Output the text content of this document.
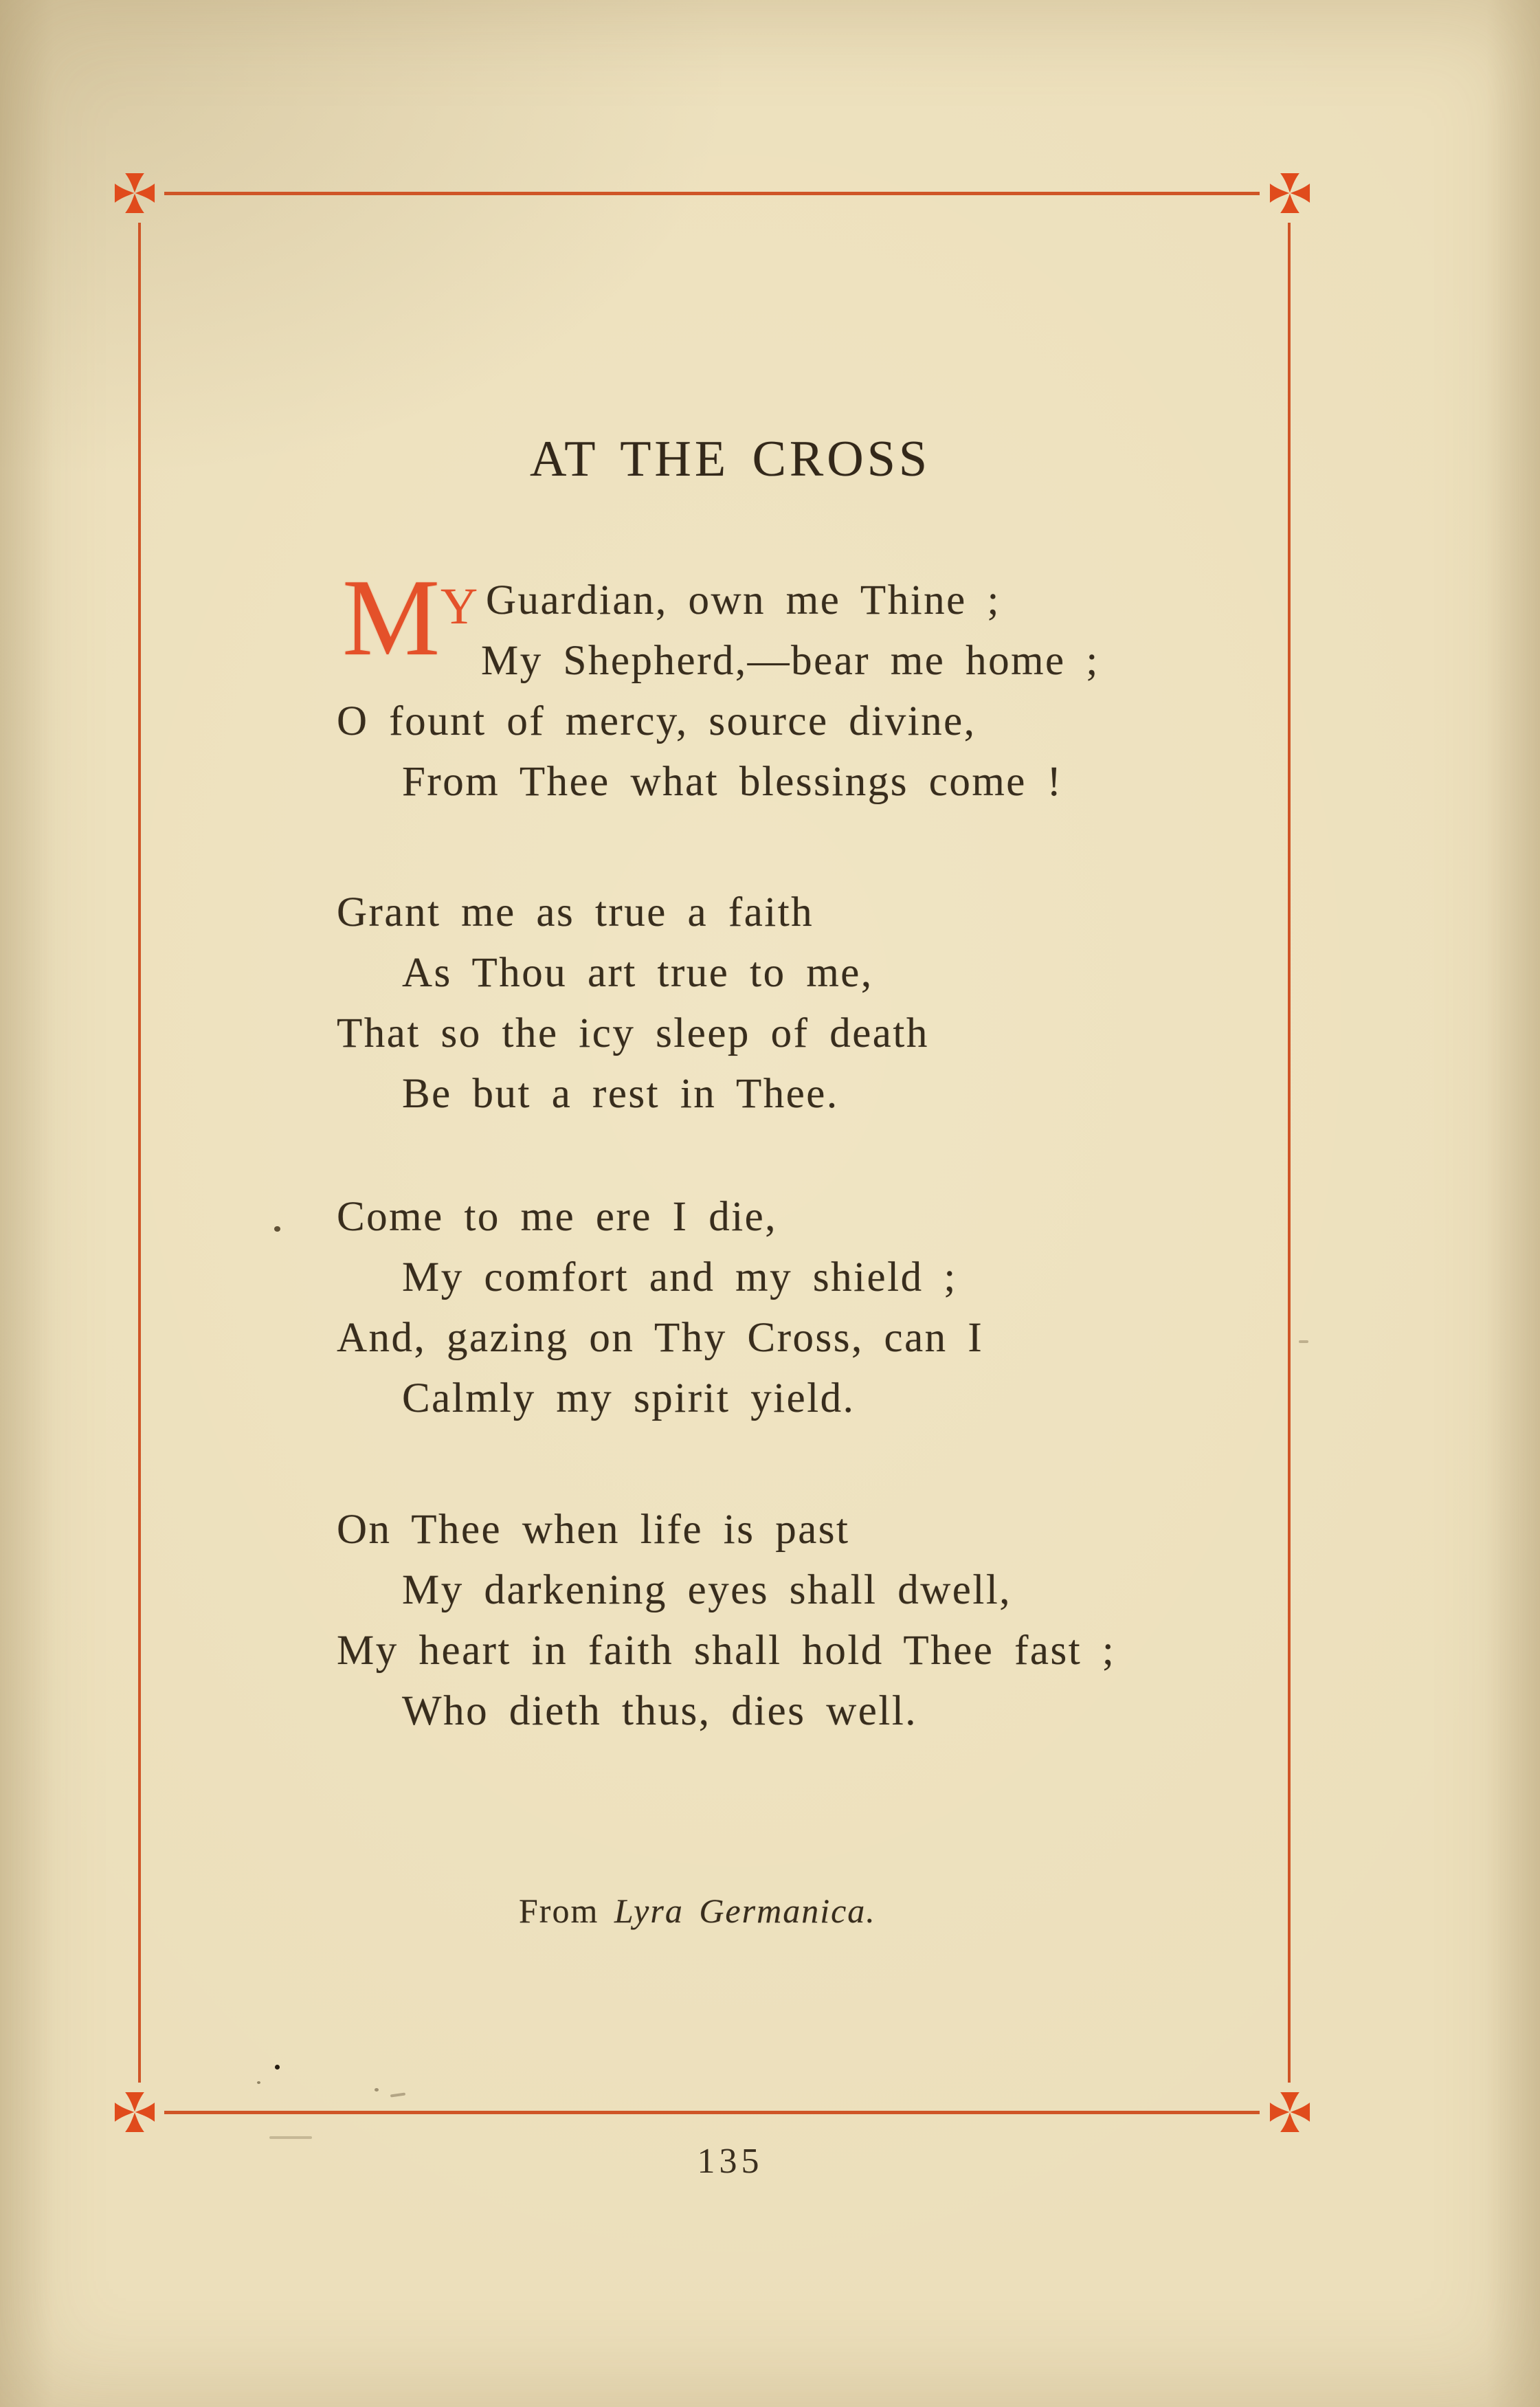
M Y
AT THE CROSS
Guardian, own me Thine ;
My Shepherd,—bear me home ;
O fount of mercy, source divine,
From Thee what blessings come !
Grant me as true a faith
As Thou art true to me,
That so the icy sleep of death
Be but a rest in Thee.
Come to me ere I die,
My comfort and my shield ;
And, gazing on Thy Cross, can I
Calmly my spirit yield.
On Thee when life is past
My darkening eyes shall dwell,
My heart in faith shall hold Thee fast ;
Who dieth thus, dies well.
From Lyra Germanica.
135
